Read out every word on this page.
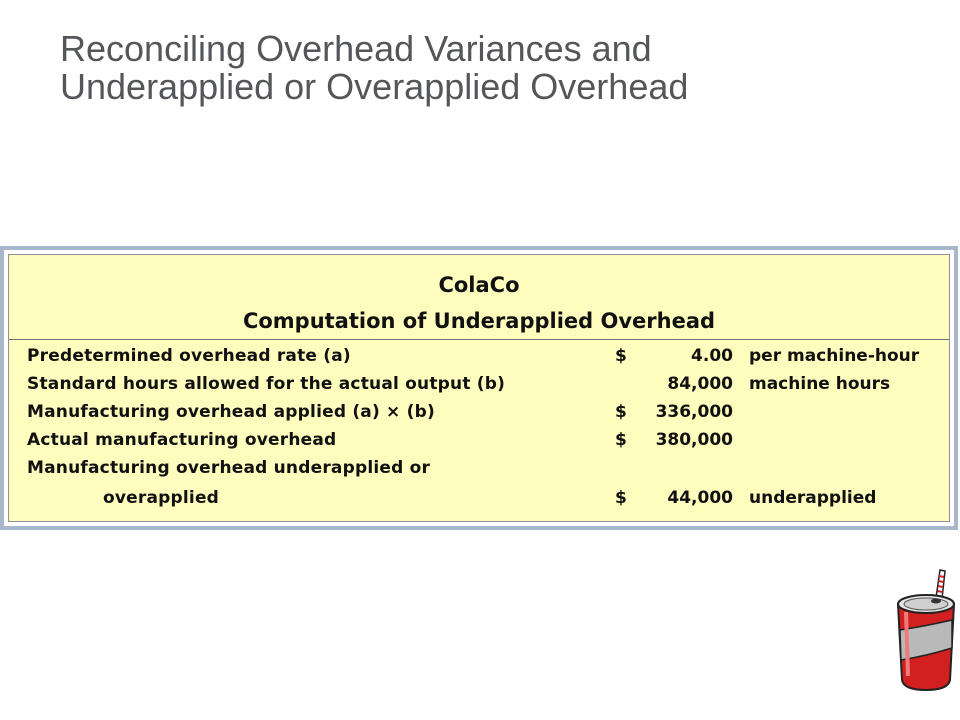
Reconciling Overhead Variances and
Underapplied or Overapplied Overhead
ColaCo
Computation of Underapplied Overhead
Predetermined overhead rate (a)	$	4.00 per machine-hour
Standard hours allowed for the actual output (b)	84,000 machine hours
Manufacturing overhead applied (a) × (b)	$	336,000
Actual manufacturing overhead	$	380,000
Manufacturing overhead underapplied or
overapplied	$	44,000 underapplied
